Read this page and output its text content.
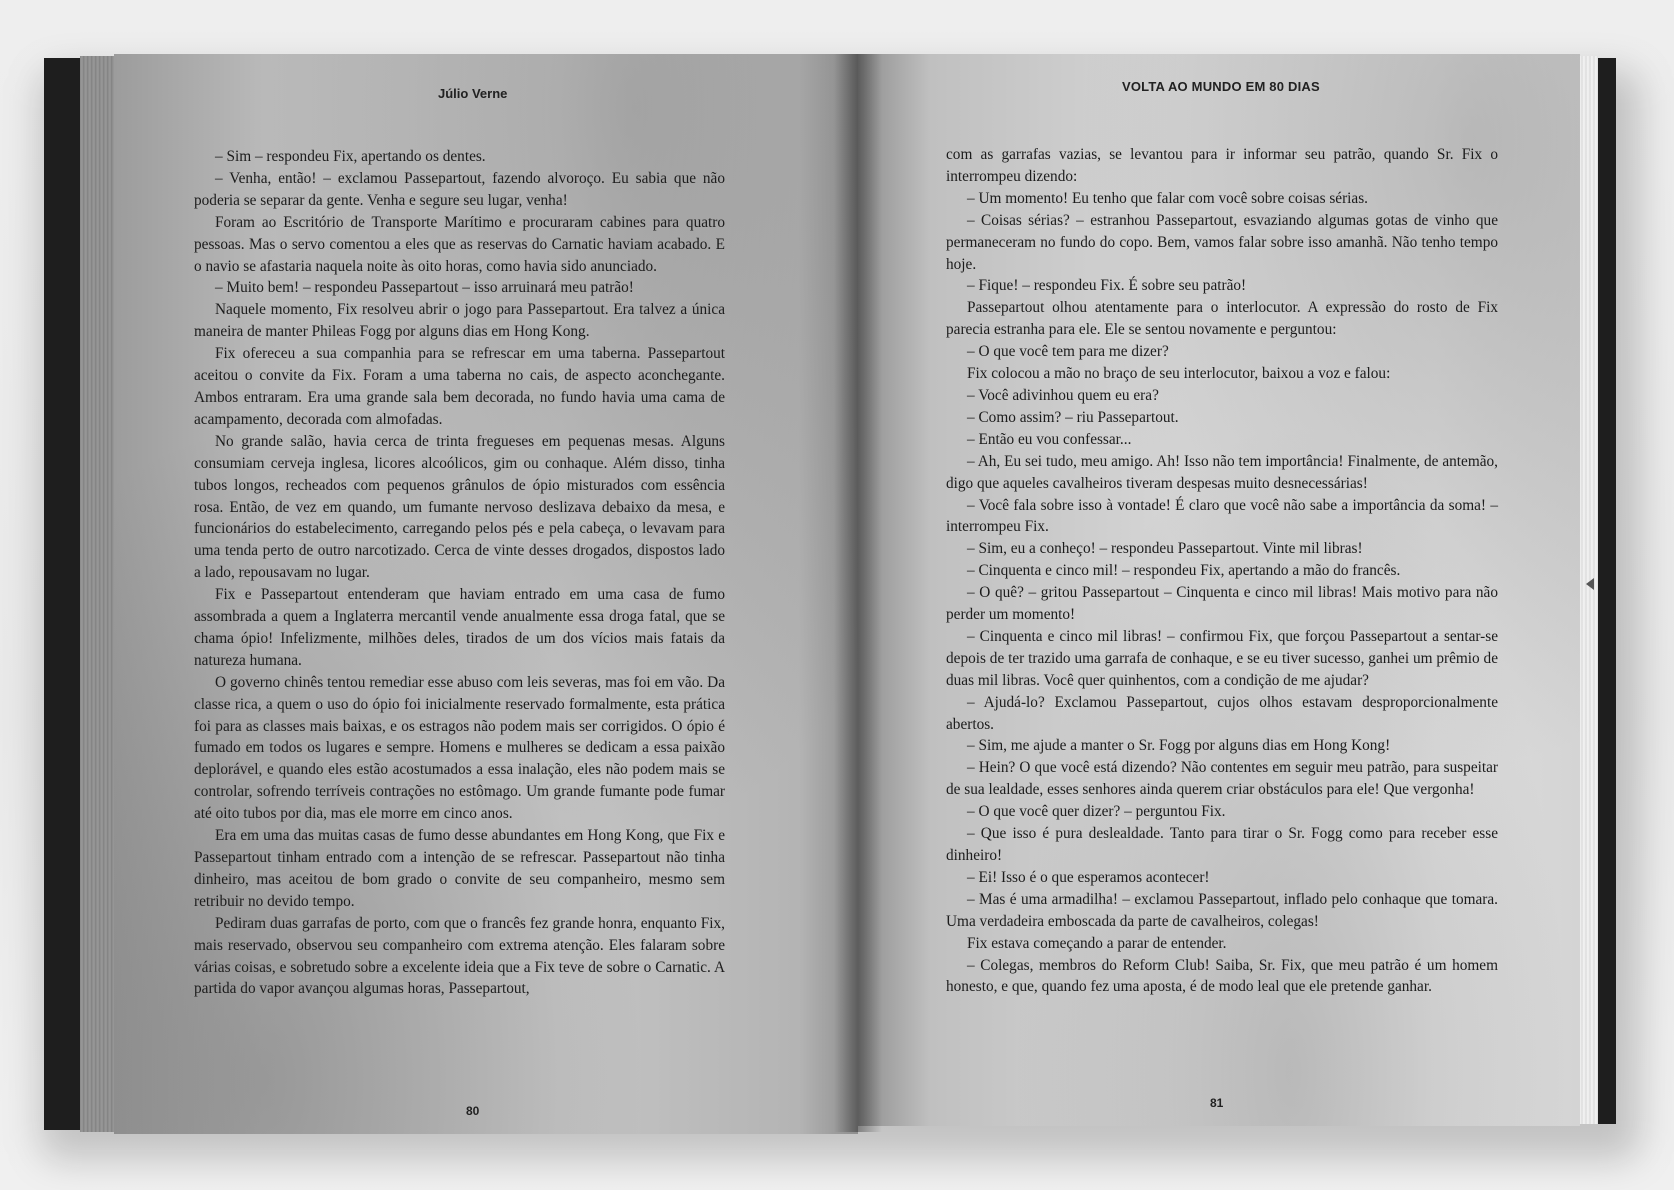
Júlio Verne

– Sim – respondeu Fix, apertando os dentes.

– Venha, então! – exclamou Passepartout, fazendo alvoroço. Eu sabia que não poderia se separar da gente. Venha e segure seu lugar, venha!

Foram ao Escritório de Transporte Marítimo e procuraram cabines para quatro pessoas. Mas o servo comentou a eles que as reservas do Carnatic haviam acabado. E o navio se afastaria naquela noite às oito horas, como havia sido anunciado.

– Muito bem! – respondeu Passepartout – isso arruinará meu patrão!

Naquele momento, Fix resolveu abrir o jogo para Passepartout. Era talvez a única maneira de manter Phileas Fogg por alguns dias em Hong Kong.

Fix ofereceu a sua companhia para se refrescar em uma taberna. Passepartout aceitou o convite da Fix. Foram a uma taberna no cais, de aspecto aconchegante. Ambos entraram. Era uma grande sala bem decorada, no fundo havia uma cama de acampamento, decorada com almofadas.

No grande salão, havia cerca de trinta fregueses em pequenas mesas. Alguns consumiam cerveja inglesa, licores alcoólicos, gim ou conhaque. Além disso, tinha tubos longos, recheados com pequenos grânulos de ópio misturados com essência rosa. Então, de vez em quando, um fumante nervoso deslizava debaixo da mesa, e funcionários do estabelecimento, carregando pelos pés e pela cabeça, o levavam para uma tenda perto de outro narcotizado. Cerca de vinte desses drogados, dispostos lado a lado, repousavam no lugar.

Fix e Passepartout entenderam que haviam entrado em uma casa de fumo assombrada a quem a Inglaterra mercantil vende anualmente essa droga fatal, que se chama ópio! Infelizmente, milhões deles, tirados de um dos vícios mais fatais da natureza humana.

O governo chinês tentou remediar esse abuso com leis severas, mas foi em vão. Da classe rica, a quem o uso do ópio foi inicialmente reservado formalmente, esta prática foi para as classes mais baixas, e os estragos não podem mais ser corrigidos. O ópio é fumado em todos os lugares e sempre. Homens e mulheres se dedicam a essa paixão deplorável, e quando eles estão acostumados a essa inalação, eles não podem mais se controlar, sofrendo terríveis contrações no estômago. Um grande fumante pode fumar até oito tubos por dia, mas ele morre em cinco anos.

Era em uma das muitas casas de fumo desse abundantes em Hong Kong, que Fix e Passepartout tinham entrado com a intenção de se refrescar. Passepartout não tinha dinheiro, mas aceitou de bom grado o convite de seu companheiro, mesmo sem retribuir no devido tempo.

Pediram duas garrafas de porto, com que o francês fez grande honra, enquanto Fix, mais reservado, observou seu companheiro com extrema atenção. Eles falaram sobre várias coisas, e sobretudo sobre a excelente ideia que a Fix teve de sobre o Carnatic. A partida do vapor avançou algumas horas, Passepartout,

80
VOLTA AO MUNDO EM 80 DIAS

com as garrafas vazias, se levantou para ir informar seu patrão, quando Sr. Fix o interrompeu dizendo:

– Um momento! Eu tenho que falar com você sobre coisas sérias.

– Coisas sérias? – estranhou Passepartout, esvaziando algumas gotas de vinho que permaneceram no fundo do copo. Bem, vamos falar sobre isso amanhã. Não tenho tempo hoje.

– Fique! – respondeu Fix. É sobre seu patrão!

Passepartout olhou atentamente para o interlocutor. A expressão do rosto de Fix parecia estranha para ele. Ele se sentou novamente e perguntou:

– O que você tem para me dizer?

Fix colocou a mão no braço de seu interlocutor, baixou a voz e falou:

– Você adivinhou quem eu era?

– Como assim? – riu Passepartout.

– Então eu vou confessar...

– Ah, Eu sei tudo, meu amigo. Ah! Isso não tem importância! Finalmente, de antemão, digo que aqueles cavalheiros tiveram despesas muito desnecessárias!

– Você fala sobre isso à vontade! É claro que você não sabe a importância da soma! – interrompeu Fix.

– Sim, eu a conheço! – respondeu Passepartout. Vinte mil libras!

– Cinquenta e cinco mil! – respondeu Fix, apertando a mão do francês.

– O quê? – gritou Passepartout – Cinquenta e cinco mil libras! Mais motivo para não perder um momento!

– Cinquenta e cinco mil libras! – confirmou Fix, que forçou Passepartout a sentar-se depois de ter trazido uma garrafa de conhaque, e se eu tiver sucesso, ganhei um prêmio de duas mil libras. Você quer quinhentos, com a condição de me ajudar?

– Ajudá-lo? Exclamou Passepartout, cujos olhos estavam desproporcionalmente abertos.

– Sim, me ajude a manter o Sr. Fogg por alguns dias em Hong Kong!

– Hein? O que você está dizendo? Não contentes em seguir meu patrão, para suspeitar de sua lealdade, esses senhores ainda querem criar obstáculos para ele! Que vergonha!

– O que você quer dizer? – perguntou Fix.

– Que isso é pura deslealdade. Tanto para tirar o Sr. Fogg como para receber esse dinheiro!

– Ei! Isso é o que esperamos acontecer!

– Mas é uma armadilha! – exclamou Passepartout, inflado pelo conhaque que tomara. Uma verdadeira emboscada da parte de cavalheiros, colegas!

Fix estava começando a parar de entender.

– Colegas, membros do Reform Club! Saiba, Sr. Fix, que meu patrão é um homem honesto, e que, quando fez uma aposta, é de modo leal que ele pretende ganhar.

81
